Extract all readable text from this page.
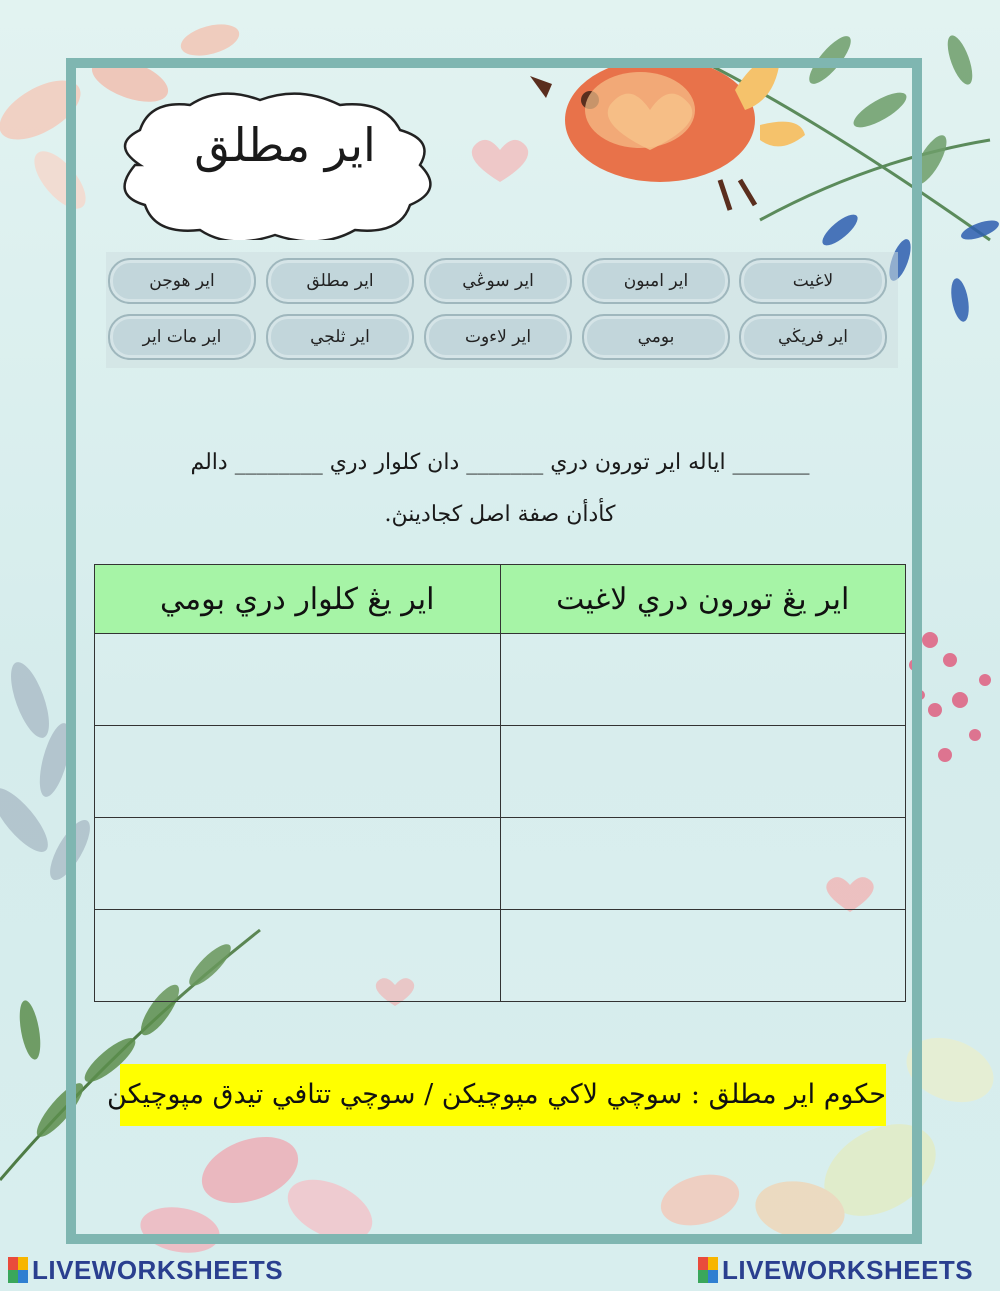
اير مطلق
لاغيت
اير امبون
اير سوڠي
اير مطلق
اير هوجن
اير فريڬي
بومي
اير لاءوت
اير ثلجي
اير مات اير
_______ اياله اير تورون دري _______ دان كلوار دري ________ دالم
كأدأن صفة اصل كجادينڽ.
اير يڠ كلوار دري بومي	اير يڠ تورون دري لاغيت

حكوم اير مطلق : سوچي لاكي مپوچيكن / سوچي تتافي تيدق مپوچيكن
LIVEWORKSHEETS	LIVEWORKSHEETS
